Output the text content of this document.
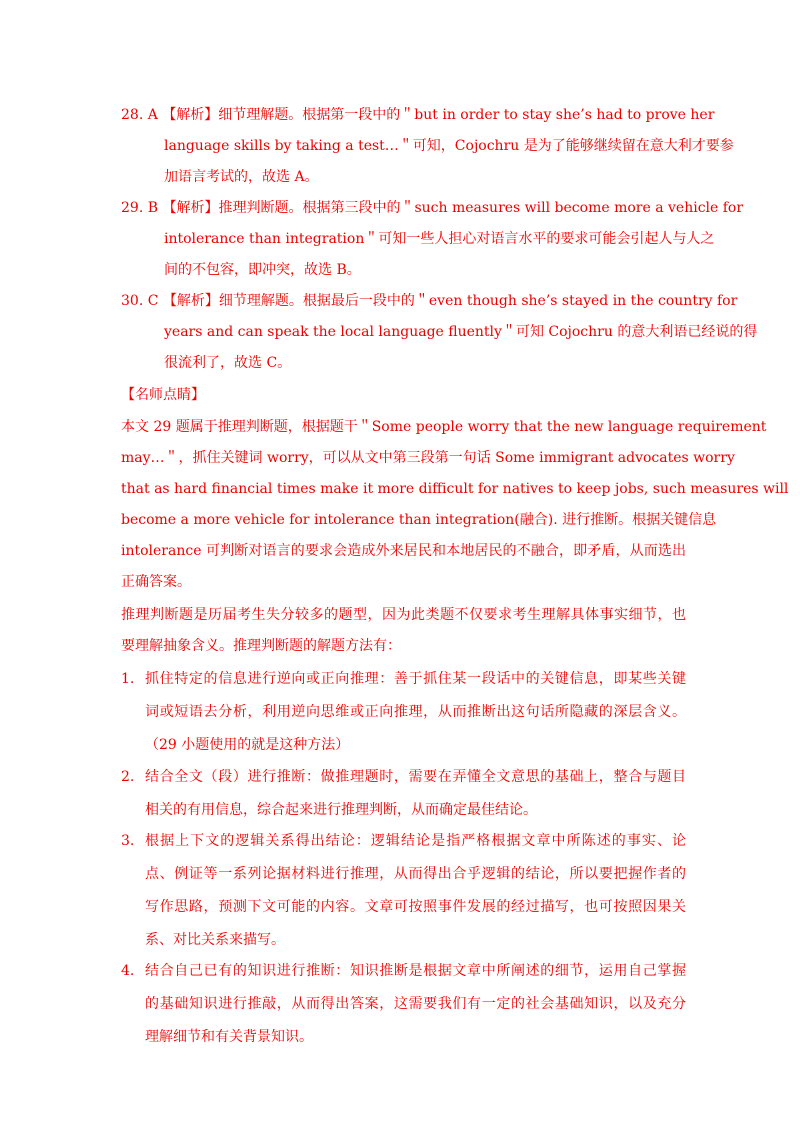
28. A 【解析】 细节理解题。根据第一段中的＂but in order to stay she’s had to prove her
language skills by taking a test…＂可知，Cojochru 是为了能够继续留在意大利才要参
加语言考试的，故选 A。
29. B 【解析】 推理判断题。根据第三段中的＂such measures will become more a vehicle for
intolerance than integration＂可知一些人担心对语言水平的要求可能会引起人与人之
间的不包容，即冲突，故选 B。
30. C 【解析】 细节理解题。根据最后一段中的＂even though she’s stayed in the country for
years and can speak the local language fluently＂可知 Cojochru 的意大利语已经说的得
很流利了，故选 C。
【名师点睛】
本文 29 题属于推理判断题，根据题干＂Some people worry that the new language requirement
may…＂，抓住关键词 worry，可以从文中第三段第一句话 Some immigrant advocates worry
that as hard financial times make it more difficult for natives to keep jobs, such measures will
become a more vehicle for intolerance than integration(融合). 进行推断。根据关键信息
intolerance 可判断对语言的要求会造成外来居民和本地居民的不融合，即矛盾，从而选出
正确答案。
推理判断题是历届考生失分较多的题型，因为此类题不仅要求考生理解具体事实细节，也
要理解抽象含义。推理判断题的解题方法有：
1. 抓住特定的信息进行逆向或正向推理：善于抓住某一段话中的关键信息，即某些关键
词或短语去分析，利用逆向思维或正向推理，从而推断出这句话所隐藏的深层含义。
（29 小题使用的就是这种方法）
2. 结合全文（段）进行推断：做推理题时，需要在弄懂全文意思的基础上，整合与题目
相关的有用信息，综合起来进行推理判断，从而确定最佳结论。
3. 根据上下文的逻辑关系得出结论：逻辑结论是指严格根据文章中所陈述的事实、论
点、例证等一系列论据材料进行推理，从而得出合乎逻辑的结论，所以要把握作者的
写作思路，预测下文可能的内容。文章可按照事件发展的经过描写，也可按照因果关
系、对比关系来描写。
4. 结合自己已有的知识进行推断：知识推断是根据文章中所阐述的细节，运用自己掌握
的基础知识进行推敲，从而得出答案，这需要我们有一定的社会基础知识，以及充分
理解细节和有关背景知识。
